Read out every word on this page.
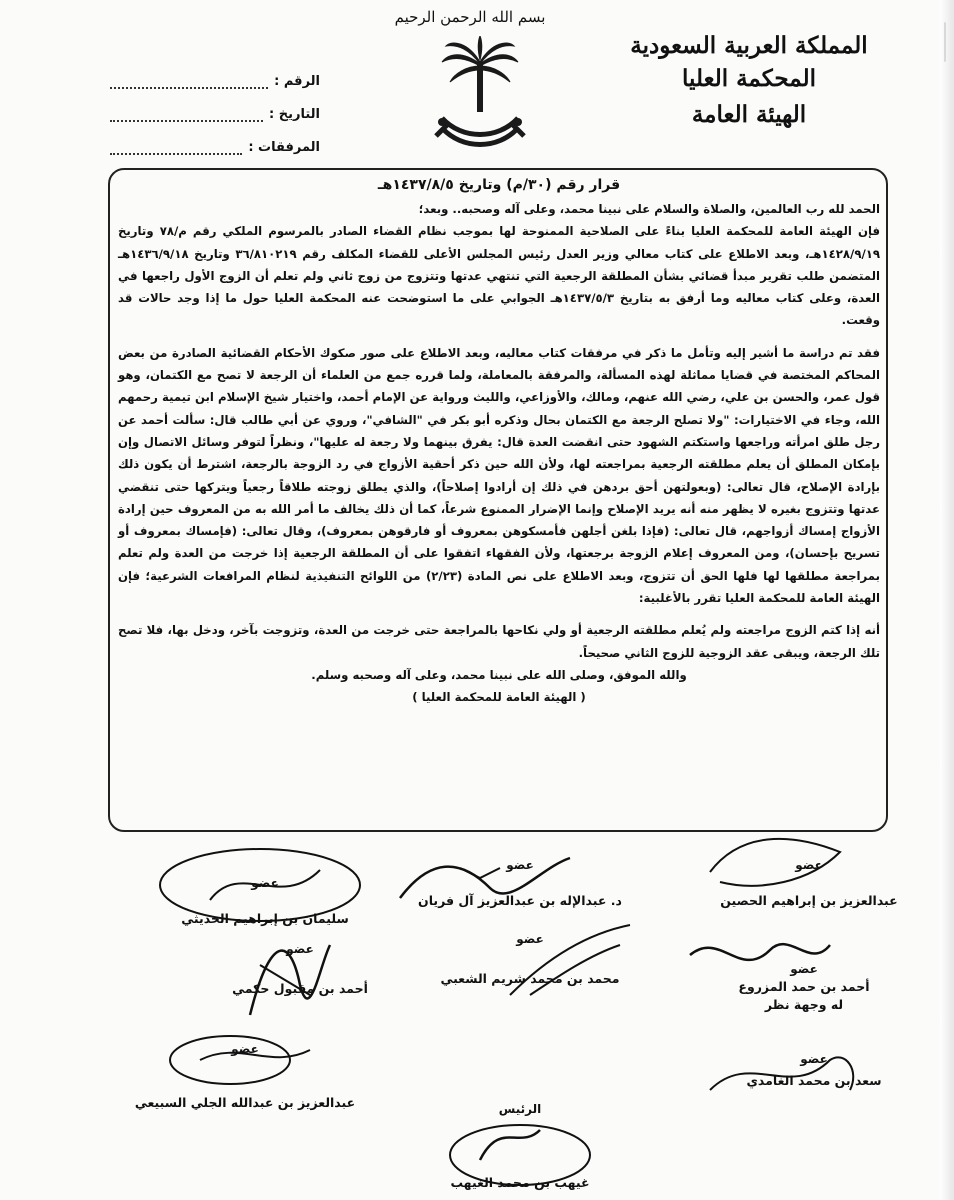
بسم الله الرحمن الرحيم
المملكة العربية السعودية
المحكمة العليا
الهيئة العامة
الرقم :
التاريخ :
المرفقات :

قرار رقم (٣٠/م) وتاريخ ١٤٣٧/٨/٥هـ

الحمد لله رب العالمين، والصلاة والسلام على نبينا محمد، وعلى آله وصحبه.. وبعد؛

فإن الهيئة العامة للمحكمة العليا بناءً على الصلاحية الممنوحة لها بموجب نظام القضاء الصادر بالمرسوم الملكي رقم م/٧٨ وتاريخ ١٤٢٨/٩/١٩هـ، وبعد الاطلاع على كتاب معالي وزير العدل رئيس المجلس الأعلى للقضاء المكلف رقم ٣٦/٨١٠٢١٩ وتاريخ ١٤٣٦/٩/١٨هـ المتضمن طلب تقرير مبدأ قضائي بشأن المطلقة الرجعية التي تنتهي عدتها وتتزوج من زوج ثاني ولم تعلم أن الزوج الأول راجعها في العدة، وعلى كتاب معاليه وما أرفق به بتاريخ ١٤٣٧/٥/٣هـ الجوابي على ما استوضحت عنه المحكمة العليا حول ما إذا وجد حالات قد وقعت.

فقد تم دراسة ما أشير إليه وتأمل ما ذكر في مرفقات كتاب معاليه، وبعد الاطلاع على صور صكوك الأحكام القضائية الصادرة من بعض المحاكم المختصة في قضايا مماثلة لهذه المسألة، والمرفقة بالمعاملة، ولما قرره جمع من العلماء أن الرجعة لا تصح مع الكتمان، وهو قول عمر، والحسن بن علي، رضي الله عنهم، ومالك، والأوزاعي، والليث ورواية عن الإمام أحمد، واختيار شيخ الإسلام ابن تيمية رحمهم الله، وجاء في الاختيارات: "ولا تصلح الرجعة مع الكتمان بحال وذكره أبو بكر في "الشافي"، وروي عن أبي طالب قال: سألت أحمد عن رجل طلق امرأته وراجعها واستكتم الشهود حتى انقضت العدة قال: يفرق بينهما ولا رجعة له عليها"، ونظراً لتوفر وسائل الاتصال وإن بإمكان المطلق أن يعلم مطلقته الرجعية بمراجعته لها، ولأن الله حين ذكر أحقية الأزواج في رد الزوجة بالرجعة، اشترط أن يكون ذلك بإرادة الإصلاح، قال تعالى: (وبعولتهن أحق بردهن في ذلك إن أرادوا إصلاحاً)، والذي يطلق زوجته طلاقاً رجعياً ويتركها حتى تنقضي عدتها وتتزوج بغيره لا يظهر منه أنه يريد الإصلاح وإنما الإضرار الممنوع شرعاً، كما أن ذلك يخالف ما أمر الله به من المعروف حين إرادة الأزواج إمساك أزواجهم، قال تعالى: (فإذا بلغن أجلهن فأمسكوهن بمعروف أو فارقوهن بمعروف)، وقال تعالى: (فإمساك بمعروف أو تسريح بإحسان)، ومن المعروف إعلام الزوجة برجعتها، ولأن الفقهاء اتفقوا على أن المطلقة الرجعية إذا خرجت من العدة ولم تعلم بمراجعة مطلقها لها فلها الحق أن تتزوج، وبعد الاطلاع على نص المادة (٢/٢٣) من اللوائح التنفيذية لنظام المرافعات الشرعية؛ فإن الهيئة العامة للمحكمة العليا تقرر بالأغلبية:

أنه إذا كتم الزوج مراجعته ولم يُعلم مطلقته الرجعية أو ولي نكاحها بالمراجعة حتى خرجت من العدة، وتزوجت بآخر، ودخل بها، فلا تصح تلك الرجعة، ويبقى عقد الزوجية للزوج الثاني صحيحاً.

والله الموفق، وصلى الله على نبينا محمد، وعلى آله وصحبه وسلم.

( الهيئة العامة للمحكمة العليا )

عضو
عبدالعزيز بن إبراهيم الحصين
عضو
د. عبدالإله بن عبدالعزيز آل فريان
عضو
سليمان بن إبراهيم الحديثي
عضو
أحمد بن حمد المزروع
له وجهة نظر
عضو
محمد بن محمد شريم الشعبي
عضو
أحمد بن مقبول حكمي
عضو
سعد بن محمد الغامدي
عضو
عبدالعزيز بن عبدالله الجلي السبيعي	الرئيس
غيهب بن محمد الغيهب
